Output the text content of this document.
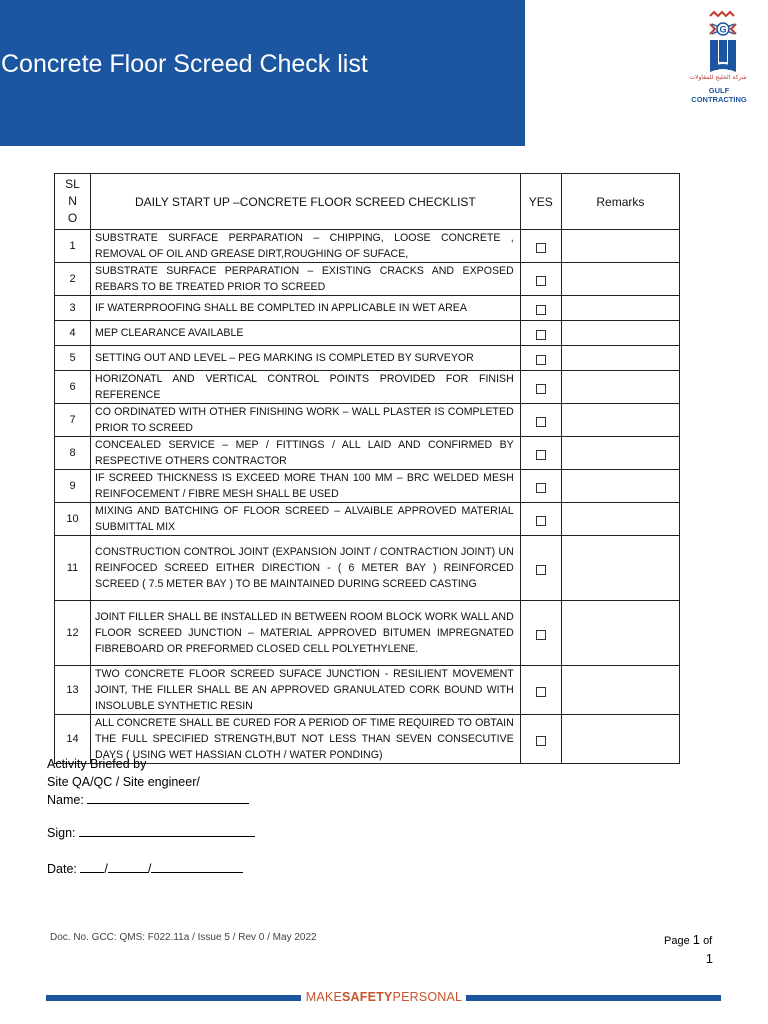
Concrete Floor Screed Check list
G
شركة الخليج للمقاولات
GULF
CONTRACTING
SL
N
O	DAILY START UP –CONCRETE FLOOR SCREED CHECKLIST	YES	Remarks
1	SUBSTRATE SURFACE PERPARATION – CHIPPING, LOOSE CONCRETE , REMOVAL OF OIL AND GREASE DIRT,ROUGHING OF SUFACE,		
2	SUBSTRATE SURFACE PERPARATION – EXISTING CRACKS AND EXPOSED REBARS TO BE TREATED PRIOR TO SCREED		
3	IF WATERPROOFING SHALL BE COMPLTED IN APPLICABLE IN WET AREA		
4	MEP CLEARANCE AVAILABLE		
5	SETTING OUT AND LEVEL – PEG MARKING IS COMPLETED BY SURVEYOR		
6	HORIZONATL AND VERTICAL CONTROL POINTS PROVIDED FOR FINISH REFERENCE		
7	CO ORDINATED WITH OTHER FINISHING WORK – WALL PLASTER IS COMPLETED PRIOR TO SCREED		
8	CONCEALED SERVICE – MEP / FITTINGS / ALL LAID AND CONFIRMED BY RESPECTIVE OTHERS CONTRACTOR		
9	IF SCREED THICKNESS IS EXCEED MORE THAN 100 MM – BRC WELDED MESH REINFOCEMENT / FIBRE MESH SHALL BE USED		
10	MIXING AND BATCHING OF FLOOR SCREED – ALVAIBLE APPROVED MATERIAL SUBMITTAL MIX		
11	CONSTRUCTION CONTROL JOINT (EXPANSION JOINT / CONTRACTION JOINT) UN REINFOCED SCREED EITHER DIRECTION - ( 6 METER BAY ) REINFORCED SCREED ( 7.5 METER BAY ) TO BE MAINTAINED DURING SCREED CASTING		
12	JOINT FILLER SHALL BE INSTALLED IN BETWEEN ROOM BLOCK WORK WALL AND FLOOR SCREED JUNCTION – MATERIAL APPROVED BITUMEN IMPREGNATED FIBREBOARD OR PREFORMED CLOSED CELL POLYETHYLENE.		
13	TWO CONCRETE FLOOR SCREED SUFACE JUNCTION - RESILIENT MOVEMENT JOINT, THE FILLER SHALL BE AN APPROVED GRANULATED CORK BOUND WITH INSOLUBLE SYNTHETIC RESIN		
14	ALL CONCRETE SHALL BE CURED FOR A PERIOD OF TIME REQUIRED TO OBTAIN THE FULL SPECIFIED STRENGTH,BUT NOT LESS THAN SEVEN CONSECUTIVE DAYS ( USING WET HASSIAN CLOTH / WATER PONDING)		
Activity Briefed by
Site QA/QC / Site engineer/
Name:
Sign:
Date: /	/
Doc. No. GCC: QMS: F022.11a / Issue 5 / Rev 0 / May 2022	Page 1 of
1
MAKESAFETYPERSONAL
